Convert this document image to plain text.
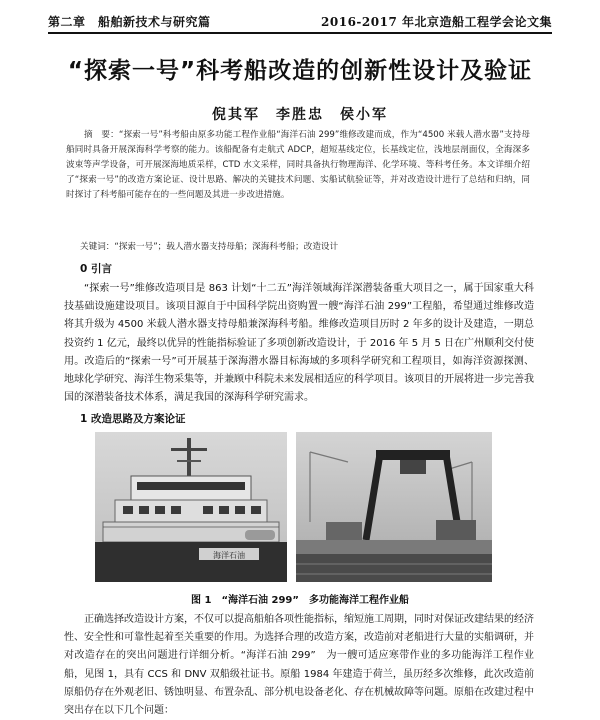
第二章　船舶新技术与研究篇	2016-2017 年北京造船工程学会论文集
“探索一号”科考船改造的创新性设计及验证
倪其军　李胜忠　侯小军
摘　要：“探索一号”科考船由原多功能工程作业船“海洋石油 299”维修改建而成，作为“4500 米载人潜水器”支持母船同时具备开展深海科学考察的能力。该船配备有走航式 ADCP，超短基线定位，长基线定位，浅地层剖面仪，全海深多波束等声学设备，可开展深海地质采样，CTD 水文采样，同时具备执行物理海洋、化学环境、等科考任务。本文详细介绍了“探索一号”的改造方案论证、设计思路、解决的关键技术问题、实船试航验证等，并对改造设计进行了总结和归纳，同时探讨了科考船可能存在的一些问题及其进一步改进措施。
关键词：“探索一号”；载人潜水器支持母船；深海科考船；改造设计
0 引言
“探索一号”维修改造项目是 863 计划“十二五”海洋领域海洋深潜装备重大项目之一，属于国家重大科技基础设施建设项目。该项目源自于中国科学院出资购置一艘“海洋石油 299”工程船，希望通过维修改造将其升级为 4500 米载人潜水器支持母船兼深海科考船。维修改造项目历时 2 年多的设计及建造，一期总投资约 1 亿元，最终以优异的性能指标验证了多项创新改造设计，于 2016 年 5 月 5 日在广州顺利交付使用。改造后的“探索一号”可开展基于深海潜水器目标海域的多项科学研究和工程项目，如海洋资源探测、地球化学研究、海洋生物采集等，并兼顾中科院未来发展相适应的科学项目。该项目的开展将进一步完善我国的深潜装备技术体系，满足我国的深海科学研究需求。
1 改造思路及方案论证
海洋石油
图 1　“海洋石油 299”　多功能海洋工程作业船
正确选择改造设计方案，不仅可以提高船舶各项性能指标，缩短施工周期，同时对保证改建结果的经济性、安全性和可靠性起着至关重要的作用。为选择合理的改造方案，改造前对老船进行大量的实船调研，并对改造存在的突出问题进行详细分析。“海洋石油 299”　为一艘可适应寒带作业的多功能海洋工程作业船，见图 1，具有 CCS 和 DNV 双船级社证书。原船 1984 年建造于荷兰，虽历经多次维修，此次改造前原船仍存在外观老旧、锈蚀明显、布置杂乱、部分机电设备老化、存在机械故障等问题。原船在改建过程中突出存在以下几个问题：
